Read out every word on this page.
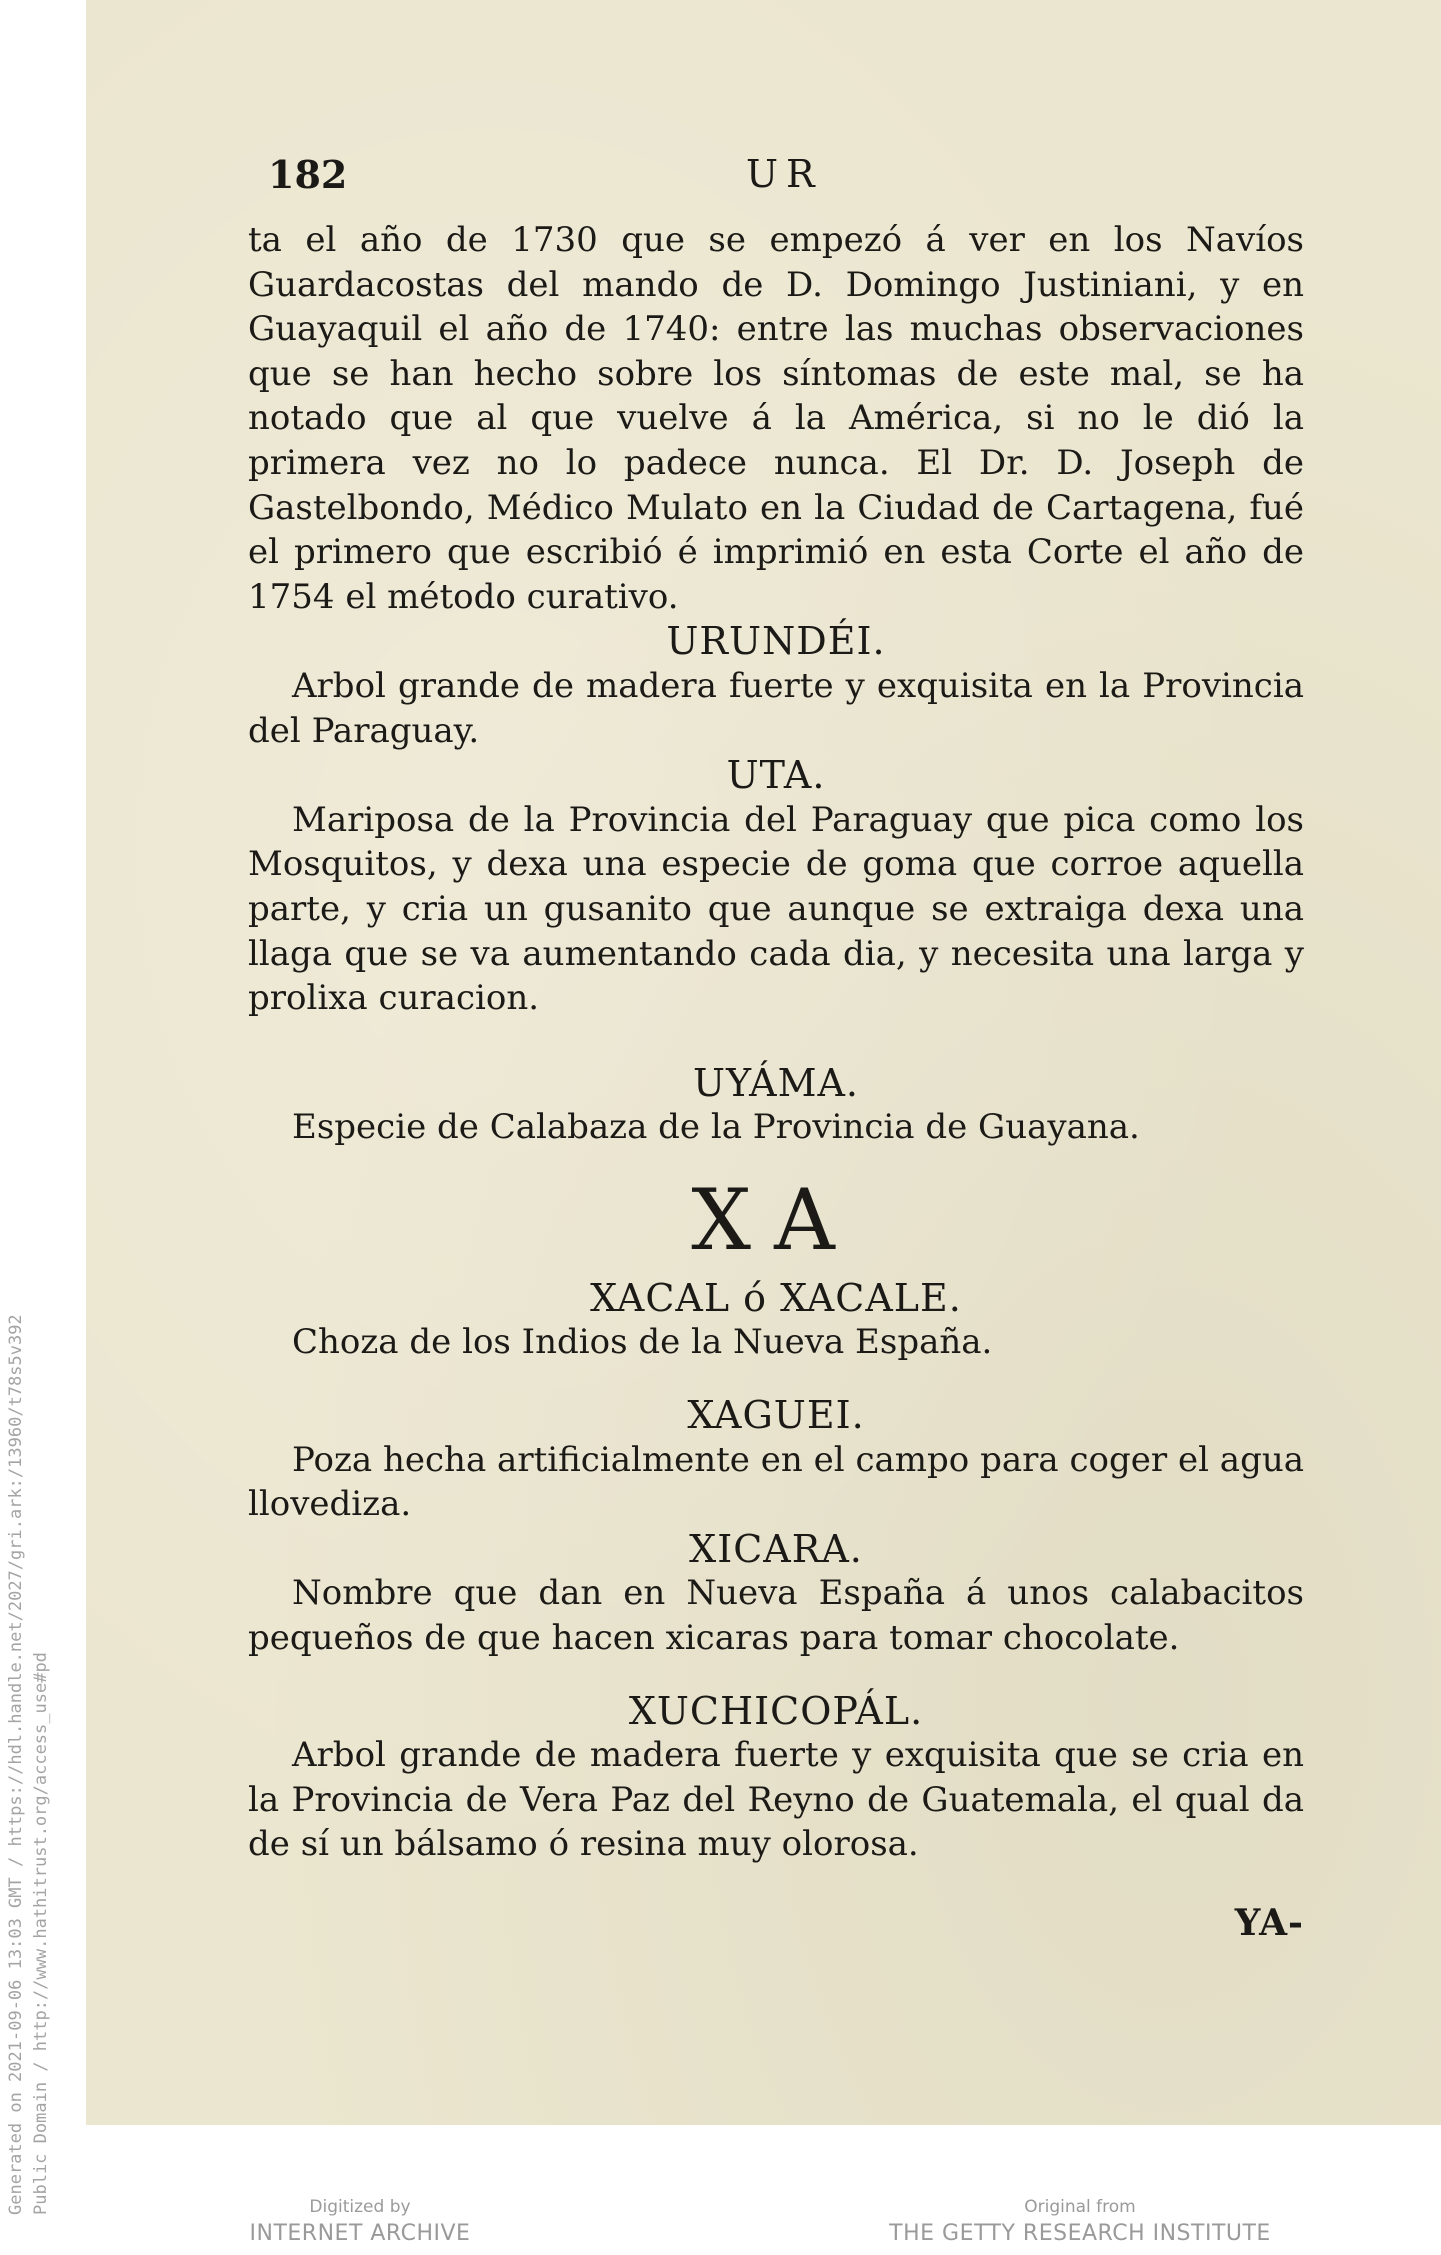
Generated on 2021-09-06 13:03 GMT / https://hdl.handle.net/2027/gri.ark:/13960/t78s5v392 Public Domain / http://www.hathitrust.org/access_use#pd
182	UR

ta el año de 1730 que se empezó á ver en los Navíos Guardacostas del mando de D. Domingo Justiniani, y en Guayaquil el año de 1740: entre las muchas observaciones que se han hecho sobre los síntomas de este mal, se ha notado que al que vuelve á la América, si no le dió la primera vez no lo padece nunca. El Dr. D. Joseph de Gastelbondo, Médico Mulato en la Ciudad de Cartagena, fué el primero que escribió é imprimió en esta Corte el año de 1754 el método curativo.

URUNDÉI.

Arbol grande de madera fuerte y exquisita en la Provincia del Paraguay.

UTA.

Mariposa de la Provincia del Paraguay que pica como los Mosquitos, y dexa una especie de goma que corroe aquella parte, y cria un gusanito que aunque se extraiga dexa una llaga que se va aumentando cada dia, y necesita una larga y prolixa curacion.

UYÁMA.

Especie de Calabaza de la Provincia de Guayana.

XA

XACAL ó XACALE.

Choza de los Indios de la Nueva España.

XAGUEI.

Poza hecha artificialmente en el campo para coger el agua llovediza.

XICARA.

Nombre que dan en Nueva España á unos calabacitos pequeños de que hacen xicaras para tomar chocolate.

XUCHICOPÁL.

Arbol grande de madera fuerte y exquisita que se cria en la Provincia de Vera Paz del Reyno de Guatemala, el qual da de sí un bálsamo ó resina muy olorosa.

YA-
Digitized by
INTERNET ARCHIVE
Original from
THE GETTY RESEARCH INSTITUTE
